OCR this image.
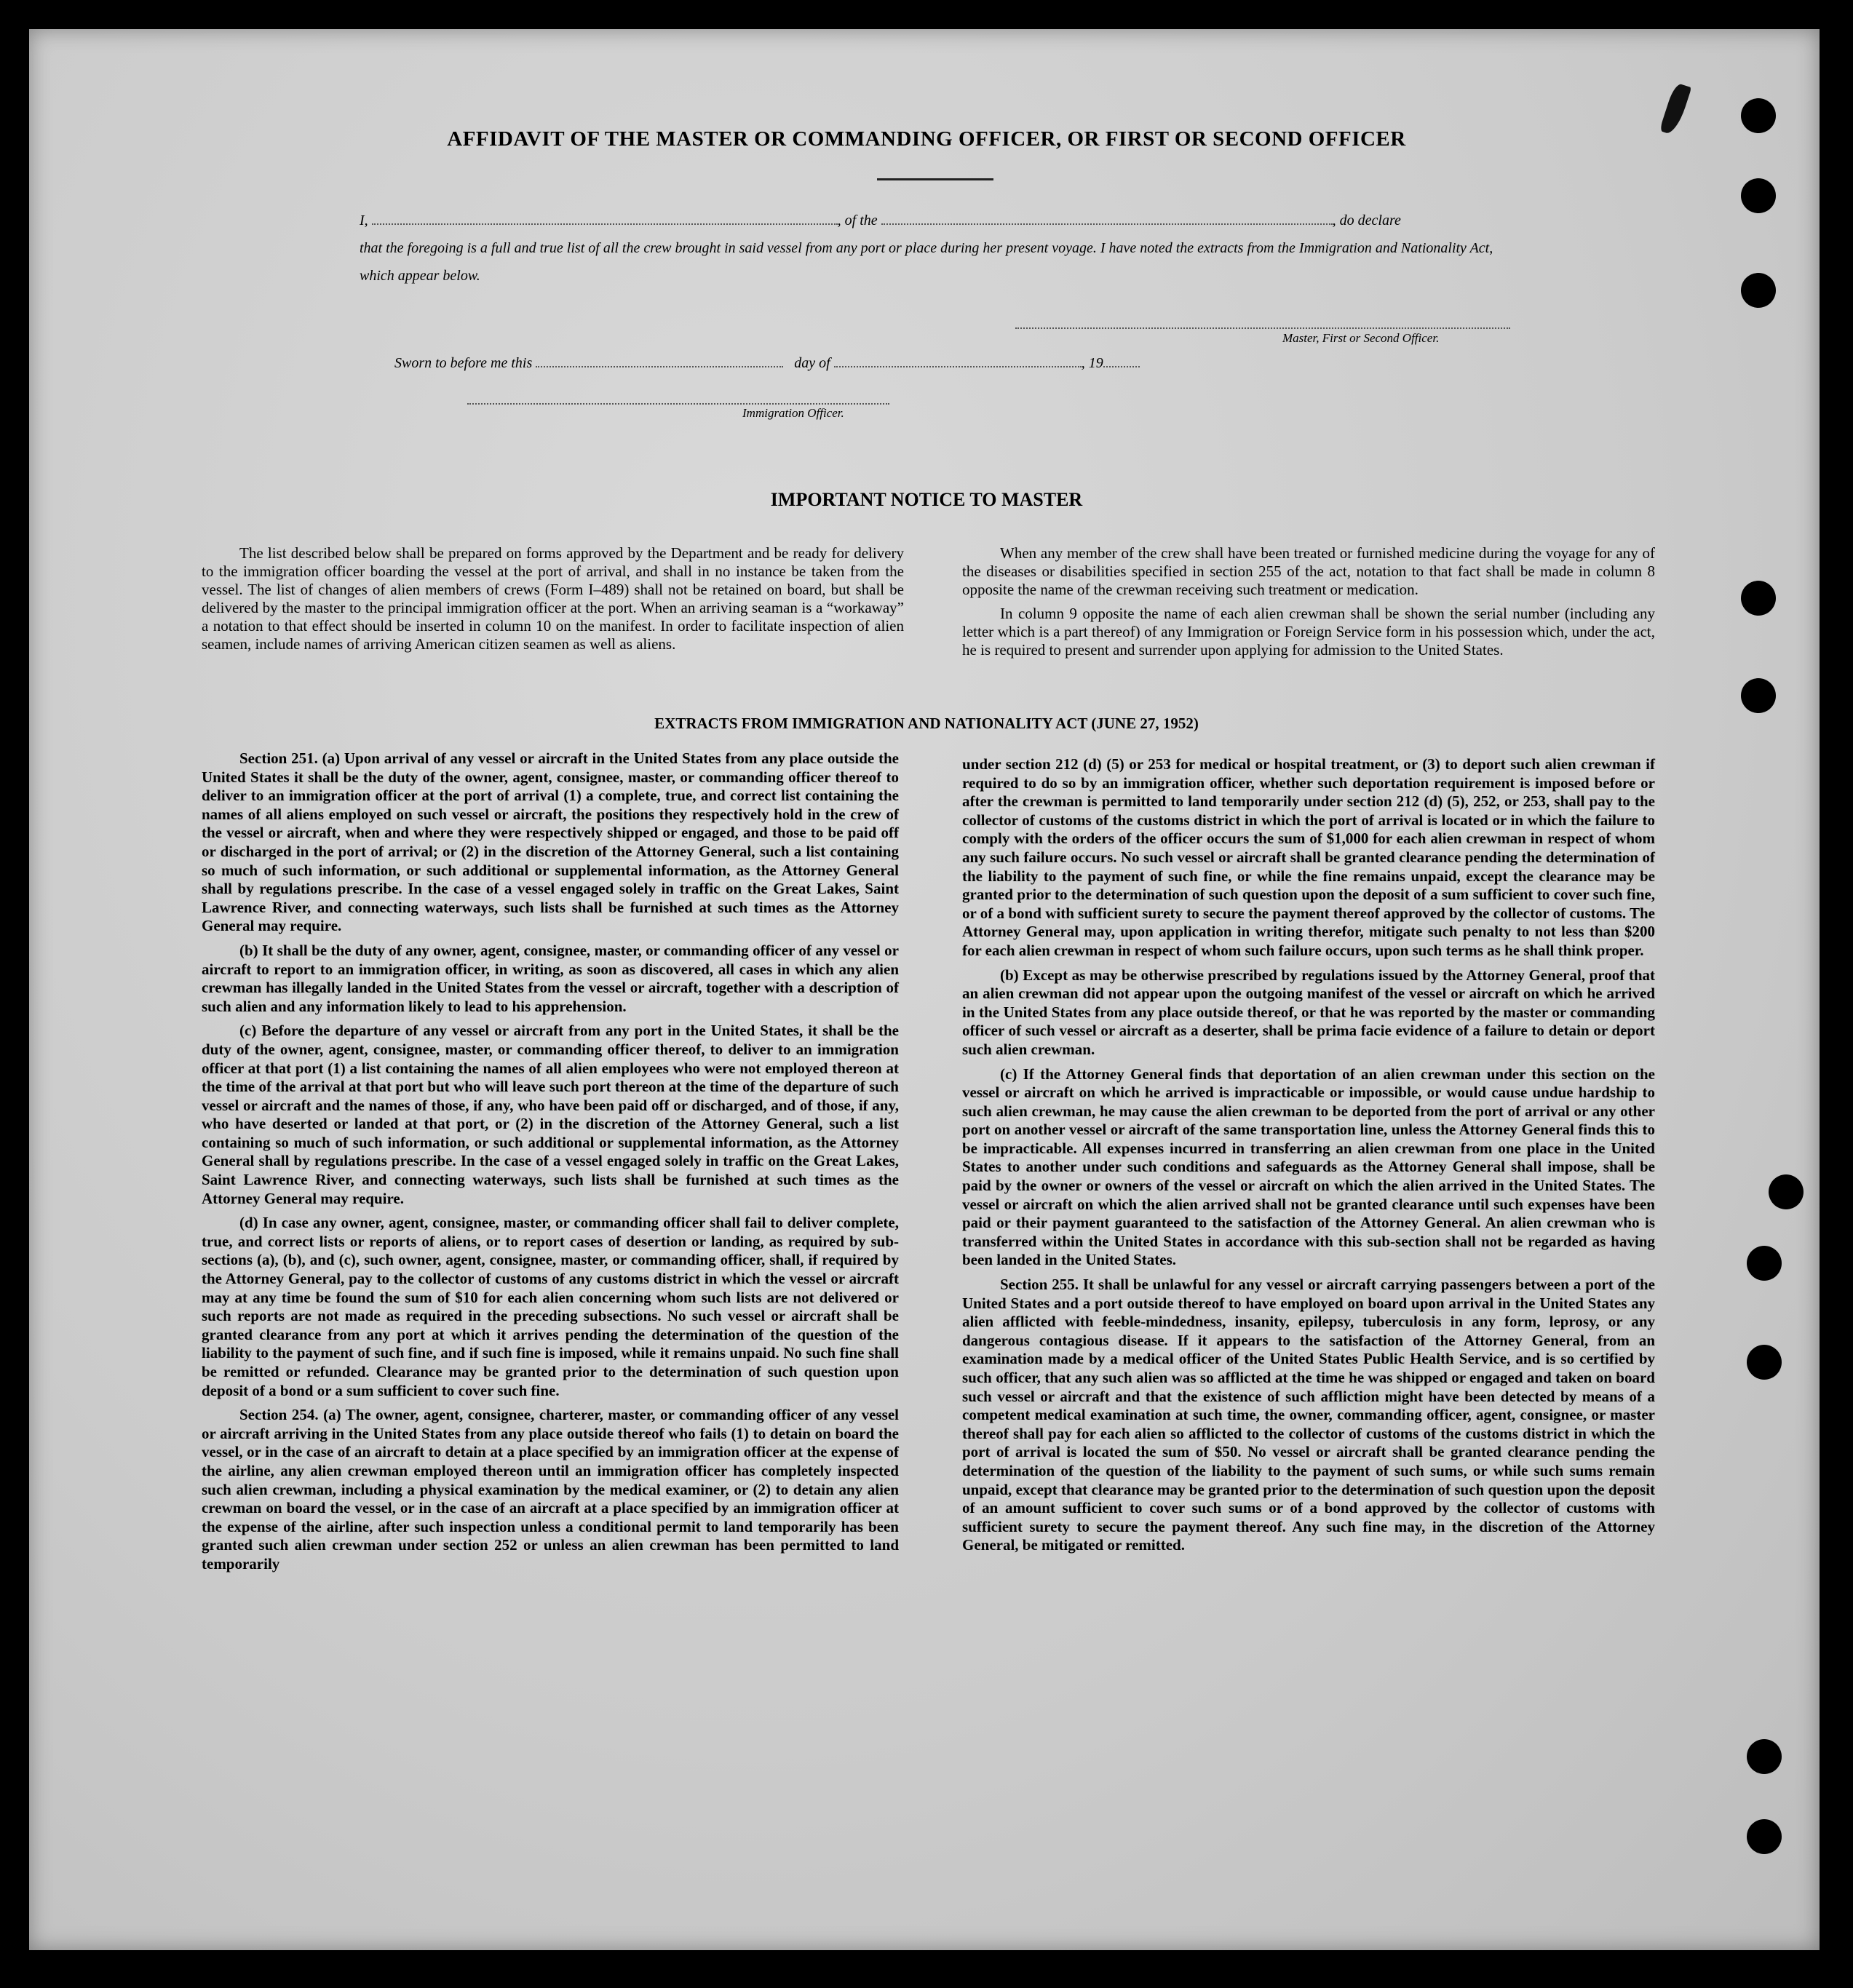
AFFIDAVIT OF THE MASTER OR COMMANDING OFFICER, OR FIRST OR SECOND OFFICER
I,	, of the	, do declare
that the foregoing is a full and true list of all the crew brought in said vessel from any port or place during her present voyage. I have noted the extracts from the Immigration and Nationality Act, which appear below.
Master, First or Second Officer.
Sworn to before me this	day of	, 19
Immigration Officer.
IMPORTANT NOTICE TO MASTER

The list described below shall be prepared on forms approved by the Department and be ready for delivery to the immigration officer boarding the vessel at the port of arrival, and shall in no instance be taken from the vessel. The list of changes of alien members of crews (Form I–489) shall not be retained on board, but shall be delivered by the master to the principal immigration officer at the port. When an arriving seaman is a “workaway” a notation to that effect should be inserted in column 10 on the manifest. In order to facilitate inspection of alien seamen, include names of arriving American citizen seamen as well as aliens.

When any member of the crew shall have been treated or furnished medicine during the voyage for any of the diseases or disabilities specified in section 255 of the act, notation to that fact shall be made in column 8 opposite the name of the crewman receiving such treatment or medication.

In column 9 opposite the name of each alien crewman shall be shown the serial number (including any letter which is a part thereof) of any Immigration or Foreign Service form in his possession which, under the act, he is required to present and surrender upon applying for admission to the United States.

EXTRACTS FROM IMMIGRATION AND NATIONALITY ACT (JUNE 27, 1952)

Section 251. (a) Upon arrival of any vessel or aircraft in the United States from any place outside the United States it shall be the duty of the owner, agent, consignee, master, or commanding officer thereof to deliver to an immigration officer at the port of arrival (1) a complete, true, and correct list containing the names of all aliens employed on such vessel or aircraft, the positions they respectively hold in the crew of the vessel or aircraft, when and where they were respectively shipped or engaged, and those to be paid off or discharged in the port of arrival; or (2) in the discretion of the Attorney General, such a list containing so much of such information, or such additional or supplemental information, as the Attorney General shall by regulations prescribe. In the case of a vessel engaged solely in traffic on the Great Lakes, Saint Lawrence River, and connecting waterways, such lists shall be furnished at such times as the Attorney General may require.

(b) It shall be the duty of any owner, agent, consignee, master, or commanding officer of any vessel or aircraft to report to an immigration officer, in writing, as soon as discovered, all cases in which any alien crewman has illegally landed in the United States from the vessel or aircraft, together with a description of such alien and any information likely to lead to his apprehension.

(c) Before the departure of any vessel or aircraft from any port in the United States, it shall be the duty of the owner, agent, consignee, master, or commanding officer thereof, to deliver to an immigration officer at that port (1) a list containing the names of all alien employees who were not employed thereon at the time of the arrival at that port but who will leave such port thereon at the time of the departure of such vessel or aircraft and the names of those, if any, who have been paid off or discharged, and of those, if any, who have deserted or landed at that port, or (2) in the discretion of the Attorney General, such a list containing so much of such information, or such additional or supplemental information, as the Attorney General shall by regulations prescribe. In the case of a vessel engaged solely in traffic on the Great Lakes, Saint Lawrence River, and connecting waterways, such lists shall be furnished at such times as the Attorney General may require.

(d) In case any owner, agent, consignee, master, or commanding officer shall fail to deliver complete, true, and correct lists or reports of aliens, or to report cases of desertion or landing, as required by sub-sections (a), (b), and (c), such owner, agent, consignee, master, or commanding officer, shall, if required by the Attorney General, pay to the collector of customs of any customs district in which the vessel or aircraft may at any time be found the sum of $10 for each alien concerning whom such lists are not delivered or such reports are not made as required in the preceding subsections. No such vessel or aircraft shall be granted clearance from any port at which it arrives pending the determination of the question of the liability to the payment of such fine, and if such fine is imposed, while it remains unpaid. No such fine shall be remitted or refunded. Clearance may be granted prior to the determination of such question upon deposit of a bond or a sum sufficient to cover such fine.

Section 254. (a) The owner, agent, consignee, charterer, master, or commanding officer of any vessel or aircraft arriving in the United States from any place outside thereof who fails (1) to detain on board the vessel, or in the case of an aircraft to detain at a place specified by an immigration officer at the expense of the airline, any alien crewman employed thereon until an immigration officer has completely inspected such alien crewman, including a physical examination by the medical examiner, or (2) to detain any alien crewman on board the vessel, or in the case of an aircraft at a place specified by an immigration officer at the expense of the airline, after such inspection unless a conditional permit to land temporarily has been granted such alien crewman under section 252 or unless an alien crewman has been permitted to land temporarily

under section 212 (d) (5) or 253 for medical or hospital treatment, or (3) to deport such alien crewman if required to do so by an immigration officer, whether such deportation requirement is imposed before or after the crewman is permitted to land temporarily under section 212 (d) (5), 252, or 253, shall pay to the collector of customs of the customs district in which the port of arrival is located or in which the failure to comply with the orders of the officer occurs the sum of $1,000 for each alien crewman in respect of whom any such failure occurs. No such vessel or aircraft shall be granted clearance pending the determination of the liability to the payment of such fine, or while the fine remains unpaid, except the clearance may be granted prior to the determination of such question upon the deposit of a sum sufficient to cover such fine, or of a bond with sufficient surety to secure the payment thereof approved by the collector of customs. The Attorney General may, upon application in writing therefor, mitigate such penalty to not less than $200 for each alien crewman in respect of whom such failure occurs, upon such terms as he shall think proper.

(b) Except as may be otherwise prescribed by regulations issued by the Attorney General, proof that an alien crewman did not appear upon the outgoing manifest of the vessel or aircraft on which he arrived in the United States from any place outside thereof, or that he was reported by the master or commanding officer of such vessel or aircraft as a deserter, shall be prima facie evidence of a failure to detain or deport such alien crewman.

(c) If the Attorney General finds that deportation of an alien crewman under this section on the vessel or aircraft on which he arrived is impracticable or impossible, or would cause undue hardship to such alien crewman, he may cause the alien crewman to be deported from the port of arrival or any other port on another vessel or aircraft of the same transportation line, unless the Attorney General finds this to be impracticable. All expenses incurred in transferring an alien crewman from one place in the United States to another under such conditions and safeguards as the Attorney General shall impose, shall be paid by the owner or owners of the vessel or aircraft on which the alien arrived in the United States. The vessel or aircraft on which the alien arrived shall not be granted clearance until such expenses have been paid or their payment guaranteed to the satisfaction of the Attorney General. An alien crewman who is transferred within the United States in accordance with this sub-section shall not be regarded as having been landed in the United States.

Section 255. It shall be unlawful for any vessel or aircraft carrying passengers between a port of the United States and a port outside thereof to have employed on board upon arrival in the United States any alien afflicted with feeble-mindedness, insanity, epilepsy, tuberculosis in any form, leprosy, or any dangerous contagious disease. If it appears to the satisfaction of the Attorney General, from an examination made by a medical officer of the United States Public Health Service, and is so certified by such officer, that any such alien was so afflicted at the time he was shipped or engaged and taken on board such vessel or aircraft and that the existence of such affliction might have been detected by means of a competent medical examination at such time, the owner, commanding officer, agent, consignee, or master thereof shall pay for each alien so afflicted to the collector of customs of the customs district in which the port of arrival is located the sum of $50. No vessel or aircraft shall be granted clearance pending the determination of the question of the liability to the payment of such sums, or while such sums remain unpaid, except that clearance may be granted prior to the determination of such question upon the deposit of an amount sufficient to cover such sums or of a bond approved by the collector of customs with sufficient surety to secure the payment thereof. Any such fine may, in the discretion of the Attorney General, be mitigated or remitted.
